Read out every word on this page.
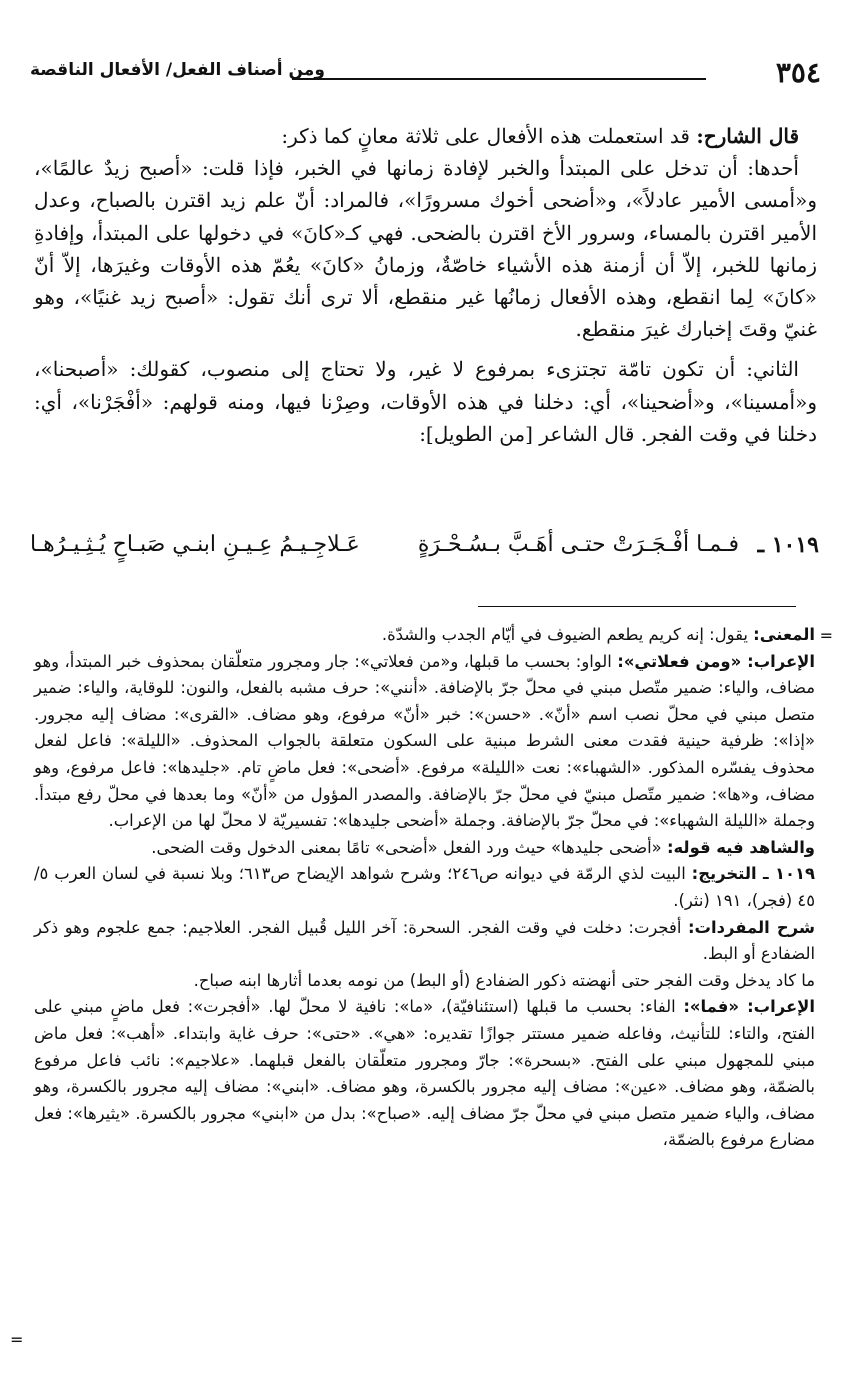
٣٥٤
ومن أصناف الفعل/ الأفعال الناقصة

قال الشارح: قد استعملت هذه الأفعال على ثلاثة معانٍ كما ذكر:

أحدها: أن تدخل على المبتدأ والخبر لإفادة زمانها في الخبر، فإذا قلت: «أصبح زيدٌ عالمًا»، و«أمسى الأمير عادلاً»، و«أضحى أخوك مسرورًا»، فالمراد: أنّ علم زيد اقترن بالصباح، وعدل الأمير اقترن بالمساء، وسرور الأخ اقترن بالضحى. فهي كـ«كانَ» في دخولها على المبتدأ، وإفادةِ زمانها للخبر، إلاّ أن أزمنة هذه الأشياء خاصّةٌ، وزمانُ «كانَ» يعُمّ هذه الأوقات وغيرَها، إلاّ أنّ «كانَ» لِما انقطع، وهذه الأفعال زمانُها غير منقطع، ألا ترى أنك تقول: «أصبح زيد غنيًا»، وهو غنيّ وقتَ إخبارك غيرَ منقطع.

الثاني: أن تكون تامّة تجتزىء بمرفوع لا غير، ولا تحتاج إلى منصوب، كقولك: «أصبحنا»، و«أمسينا»، و«أضحينا»، أي: دخلنا في هذه الأوقات، وصِرْنا فيها، ومنه قولهم: «أفْجَرْنا»، أي: دخلنا في وقت الفجر. قال الشاعر [من الطويل]:

١٠١٩ ـ
فـمـا أفْـجَـرَتْ حتـى أهَـبَّ بـسُـحْـرَةٍ
عَـلاجِـيـمُ عِـيـنِ ابنـي صَبـاحٍ يُـثِـيـرُهـا
=

المعنى: يقول: إنه كريم يطعم الضيوف في أيّام الجدب والشدّة.

الإعراب: «ومن فعلاتي»: الواو: بحسب ما قبلها، و«من فعلاتي»: جار ومجرور متعلّقان بمحذوف خبر المبتدأ، وهو مضاف، والياء: ضمير متّصل مبني في محلّ جرّ بالإضافة. «أنني»: حرف مشبه بالفعل، والنون: للوقاية، والياء: ضمير متصل مبني في محلّ نصب اسم «أنّ». «حسن»: خبر «أنّ» مرفوع، وهو مضاف. «القرى»: مضاف إليه مجرور. «إذا»: ظرفية حينية فقدت معنى الشرط مبنية على السكون متعلقة بالجواب المحذوف. «الليلة»: فاعل لفعل محذوف يفسّره المذكور. «الشهباء»: نعت «الليلة» مرفوع. «أضحى»: فعل ماضٍ تام. «جليدها»: فاعل مرفوع، وهو مضاف، و«ها»: ضمير متّصل مبنيّ في محلّ جرّ بالإضافة. والمصدر المؤول من «أنّ» وما بعدها في محلّ رفع مبتدأ. وجملة «الليلة الشهباء»: في محلّ جرّ بالإضافة. وجملة «أضحى جليدها»: تفسيريّة لا محلّ لها من الإعراب.

والشاهد فيه قوله: «أضحى جليدها» حيث ورد الفعل «أضحى» تامًا بمعنى الدخول وقت الضحى.

١٠١٩ ـ التخريج: البيت لذي الرمّة في ديوانه ص٢٤٦؛ وشرح شواهد الإيضاح ص٦١٣؛ وبلا نسبة في لسان العرب ٥/ ٤٥ (فجر)، ١٩١ (نثر).

شرح المفردات: أفجرت: دخلت في وقت الفجر. السحرة: آخر الليل قُبيل الفجر. العلاجيم: جمع علجوم وهو ذكر الضفادع أو البط.

ما كاد يدخل وقت الفجر حتى أنهضته ذكور الضفادع (أو البط) من نومه بعدما أثارها ابنه صباح.

الإعراب: «فما»: الفاء: بحسب ما قبلها (استئنافيّة)، «ما»: نافية لا محلّ لها. «أفجرت»: فعل ماضٍ مبني على الفتح، والتاء: للتأنيث، وفاعله ضمير مستتر جوازًا تقديره: «هي». «حتى»: حرف غاية وابتداء. «أهب»: فعل ماض مبني للمجهول مبني على الفتح. «بسحرة»: جارّ ومجرور متعلّقان بالفعل قبلهما. «علاجيم»: نائب فاعل مرفوع بالضمّة، وهو مضاف. «عين»: مضاف إليه مجرور بالكسرة، وهو مضاف. «ابني»: مضاف إليه مجرور بالكسرة، وهو مضاف، والياء ضمير متصل مبني في محلّ جرّ مضاف إليه. «صباح»: بدل من «ابني» مجرور بالكسرة. «يثيرها»: فعل مضارع مرفوع بالضمّة،

=
